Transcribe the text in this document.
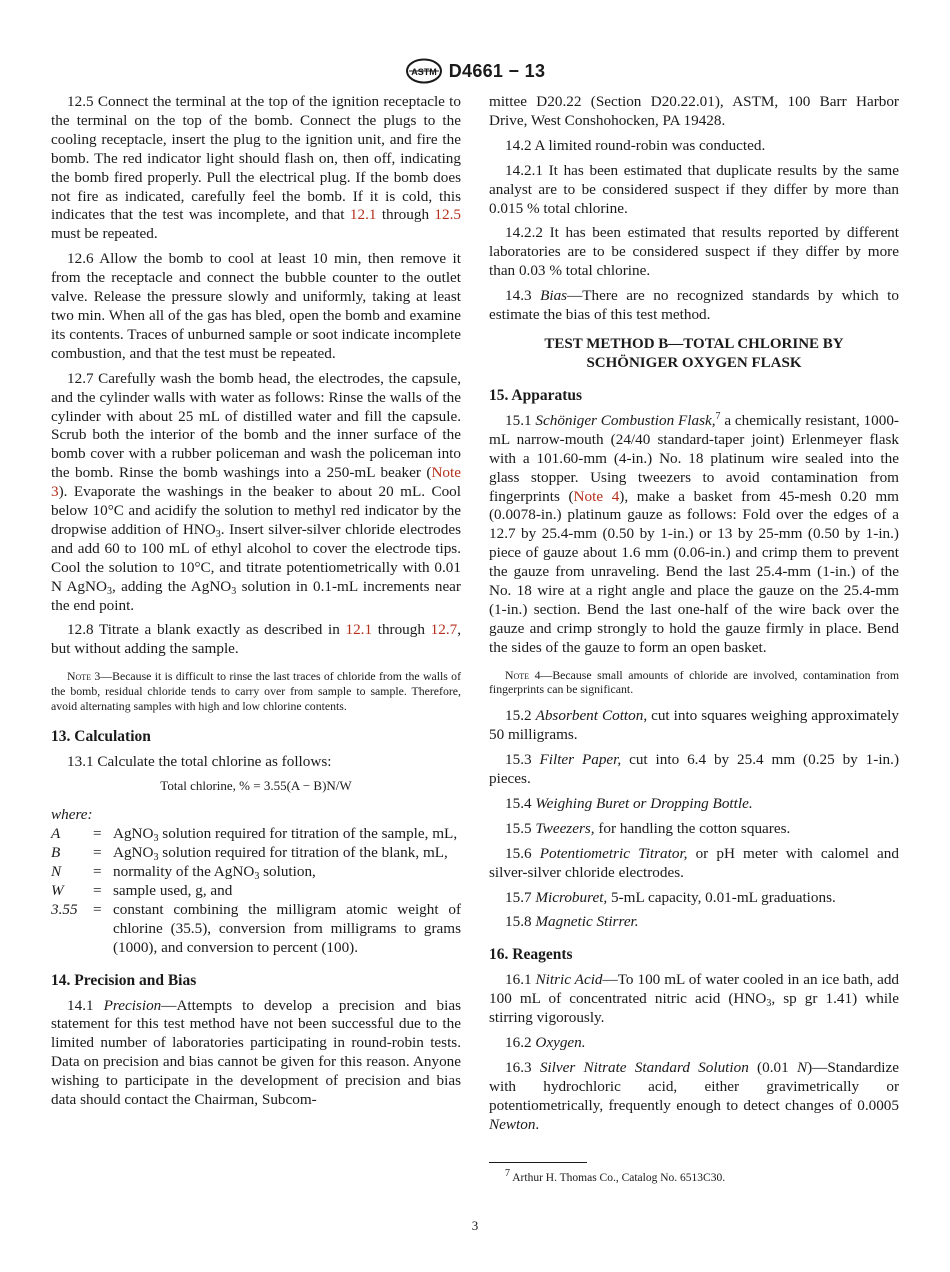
ASTM D4661 − 13

12.5 Connect the terminal at the top of the ignition receptacle to the terminal on the top of the bomb. Connect the plugs to the cooling receptacle, insert the plug to the ignition unit, and fire the bomb. The red indicator light should flash on, then off, indicating the bomb fired properly. Pull the electrical plug. If the bomb does not fire as indicated, carefully feel the bomb. If it is cold, this indicates that the test was incomplete, and that 12.1 through 12.5 must be repeated.

12.6 Allow the bomb to cool at least 10 min, then remove it from the receptacle and connect the bubble counter to the outlet valve. Release the pressure slowly and uniformly, taking at least two min. When all of the gas has bled, open the bomb and examine its contents. Traces of unburned sample or soot indicate incomplete combustion, and that the test must be repeated.

12.7 Carefully wash the bomb head, the electrodes, the capsule, and the cylinder walls with water as follows: Rinse the walls of the cylinder with about 25 mL of distilled water and fill the capsule. Scrub both the interior of the bomb and the inner surface of the bomb cover with a rubber policeman and wash the policeman into the bomb. Rinse the bomb washings into a 250-mL beaker (Note 3). Evaporate the washings in the beaker to about 20 mL. Cool below 10°C and acidify the solution to methyl red indicator by the dropwise addition of $HNO_3$. Insert silver-silver chloride electrodes and add 60 to 100 mL of ethyl alcohol to cover the electrode tips. Cool the solution to 10°C, and titrate potentiometrically with 0.01 N AgNO$_3$, adding the AgNO$_3$ solution in 0.1-mL increments near the end point.

12.8 Titrate a blank exactly as described in 12.1 through 12.7, but without adding the sample.

Note 3—Because it is difficult to rinse the last traces of chloride from the walls of the bomb, residual chloride tends to carry over from sample to sample. Therefore, avoid alternating samples with high and low chlorine contents.
13. Calculation

13.1 Calculate the total chlorine as follows:

Total chlorine, % = 3.55(A − B)N/W
where:
A	= AgNO$_3$ solution required for titration of the sample, mL,
B	= AgNO$_3$ solution required for titration of the blank, mL,
N	= normality of the AgNO$_3$ solution,
W	= sample used, g, and
3.55	= constant combining the milligram atomic weight of chlorine (35.5), conversion from milligrams to grams (1000), and conversion to percent (100).
14. Precision and Bias

14.1 Precision—Attempts to develop a precision and bias statement for this test method have not been successful due to the limited number of laboratories participating in round-robin tests. Data on precision and bias cannot be given for this reason. Anyone wishing to participate in the development of precision and bias data should contact the Chairman, Subcom-

mittee D20.22 (Section D20.22.01), ASTM, 100 Barr Harbor Drive, West Conshohocken, PA 19428.

14.2 A limited round-robin was conducted.

14.2.1 It has been estimated that duplicate results by the same analyst are to be considered suspect if they differ by more than 0.015 % total chlorine.

14.2.2 It has been estimated that results reported by different laboratories are to be considered suspect if they differ by more than 0.03 % total chlorine.

14.3 Bias—There are no recognized standards by which to estimate the bias of this test method.

TEST METHOD B—TOTAL CHLORINE BY
SCHÖNIGER OXYGEN FLASK
15. Apparatus

15.1 Schöniger Combustion Flask,$^7$ a chemically resistant, 1000-mL narrow-mouth (24/40 standard-taper joint) Erlenmeyer flask with a 101.60-mm (4-in.) No. 18 platinum wire sealed into the glass stopper. Using tweezers to avoid contamination from fingerprints (Note 4), make a basket from 45-mesh 0.20 mm (0.0078-in.) platinum gauze as follows: Fold over the edges of a 12.7 by 25.4-mm (0.50 by 1-in.) or 13 by 25-mm (0.50 by 1-in.) piece of gauze about 1.6 mm (0.06-in.) and crimp them to prevent the gauze from unraveling. Bend the last 25.4-mm (1-in.) of the No. 18 wire at a right angle and place the gauze on the 25.4-mm (1-in.) section. Bend the last one-half of the wire back over the gauze and crimp strongly to hold the gauze firmly in place. Bend the sides of the gauze to form an open basket.

Note 4—Because small amounts of chloride are involved, contamination from fingerprints can be significant.

15.2 Absorbent Cotton, cut into squares weighing approximately 50 milligrams.

15.3 Filter Paper, cut into 6.4 by 25.4 mm (0.25 by 1-in.) pieces.

15.4 Weighing Buret or Dropping Bottle.

15.5 Tweezers, for handling the cotton squares.

15.6 Potentiometric Titrator, or pH meter with calomel and silver-silver chloride electrodes.

15.7 Microburet, 5-mL capacity, 0.01-mL graduations.

15.8 Magnetic Stirrer.

16. Reagents

16.1 Nitric Acid—To 100 mL of water cooled in an ice bath, add 100 mL of concentrated nitric acid ($HNO_3$, sp gr 1.41) while stirring vigorously.

16.2 Oxygen.

16.3 Silver Nitrate Standard Solution (0.01 N)—Standardize with hydrochloric acid, either gravimetrically or potentiometrically, frequently enough to detect changes of 0.0005 Newton.

$^7$ Arthur H. Thomas Co., Catalog No. 6513C30.
3
